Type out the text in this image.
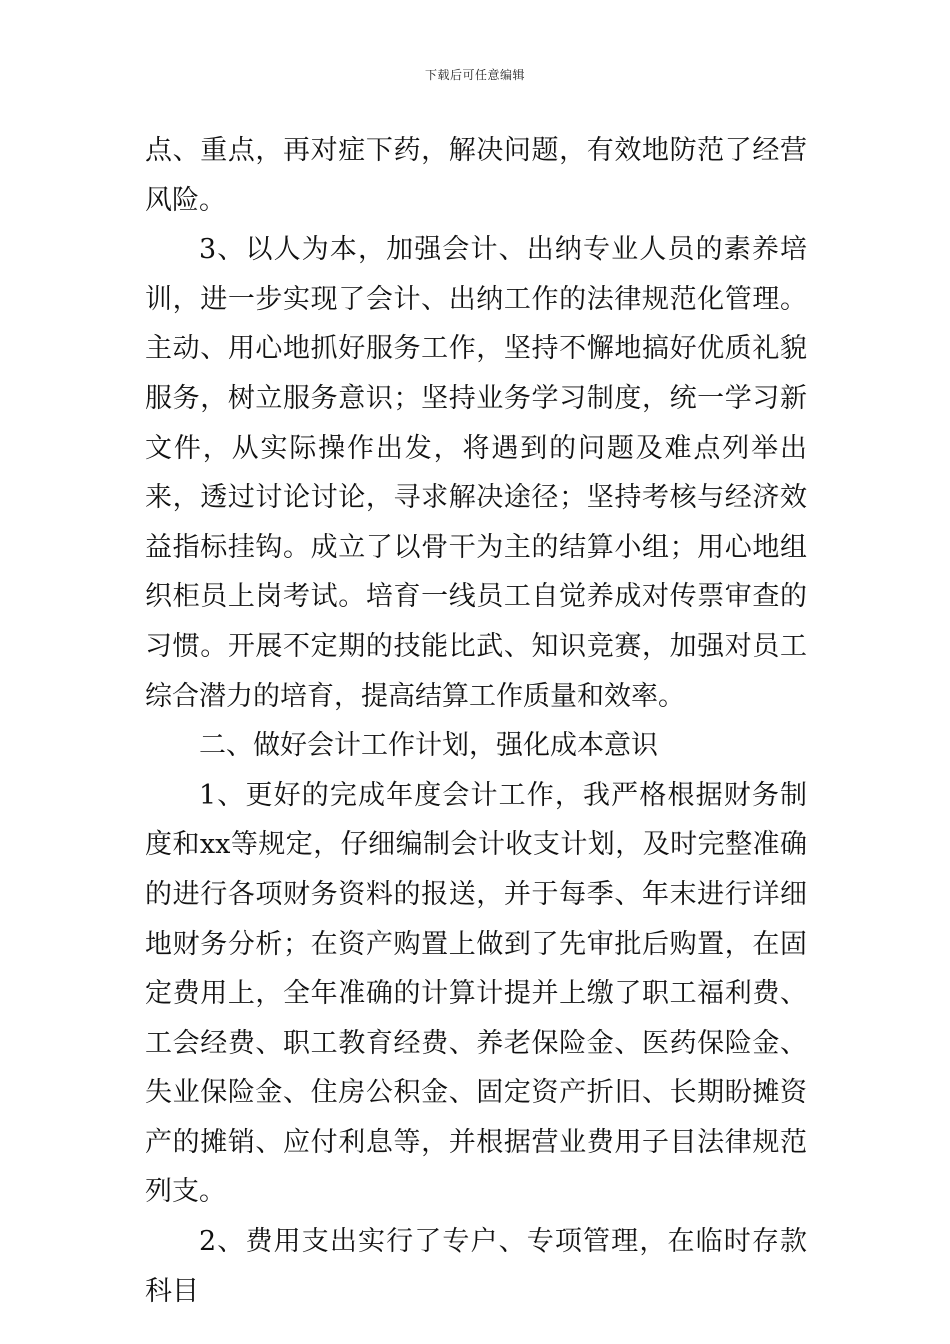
下载后可任意编辑

点、重点，再对症下药，解决问题，有效地防范了经营风险。

3、以人为本，加强会计、出纳专业人员的素养培训，进一步实现了会计、出纳工作的法律规范化管理。主动、用心地抓好服务工作，坚持不懈地搞好优质礼貌服务，树立服务意识；坚持业务学习制度，统一学习新文件，从实际操作出发，将遇到的问题及难点列举出来，透过讨论讨论，寻求解决途径；坚持考核与经济效益指标挂钩。成立了以骨干为主的结算小组；用心地组织柜员上岗考试。培育一线员工自觉养成对传票审查的习惯。开展不定期的技能比武、知识竞赛，加强对员工综合潜力的培育，提高结算工作质量和效率。

二、做好会计工作计划，强化成本意识

1、更好的完成年度会计工作，我严格根据财务制度和xx等规定，仔细编制会计收支计划，及时完整准确的进行各项财务资料的报送，并于每季、年末进行详细地财务分析；在资产购置上做到了先审批后购置，在固定费用上，全年准确的计算计提并上缴了职工福利费、工会经费、职工教育经费、养老保险金、医药保险金、失业保险金、住房公积金、固定资产折旧、长期盼摊资产的摊销、应付利息等，并根据营业费用子目法律规范列支。

2、费用支出实行了专户、专项管理，在临时存款科目
